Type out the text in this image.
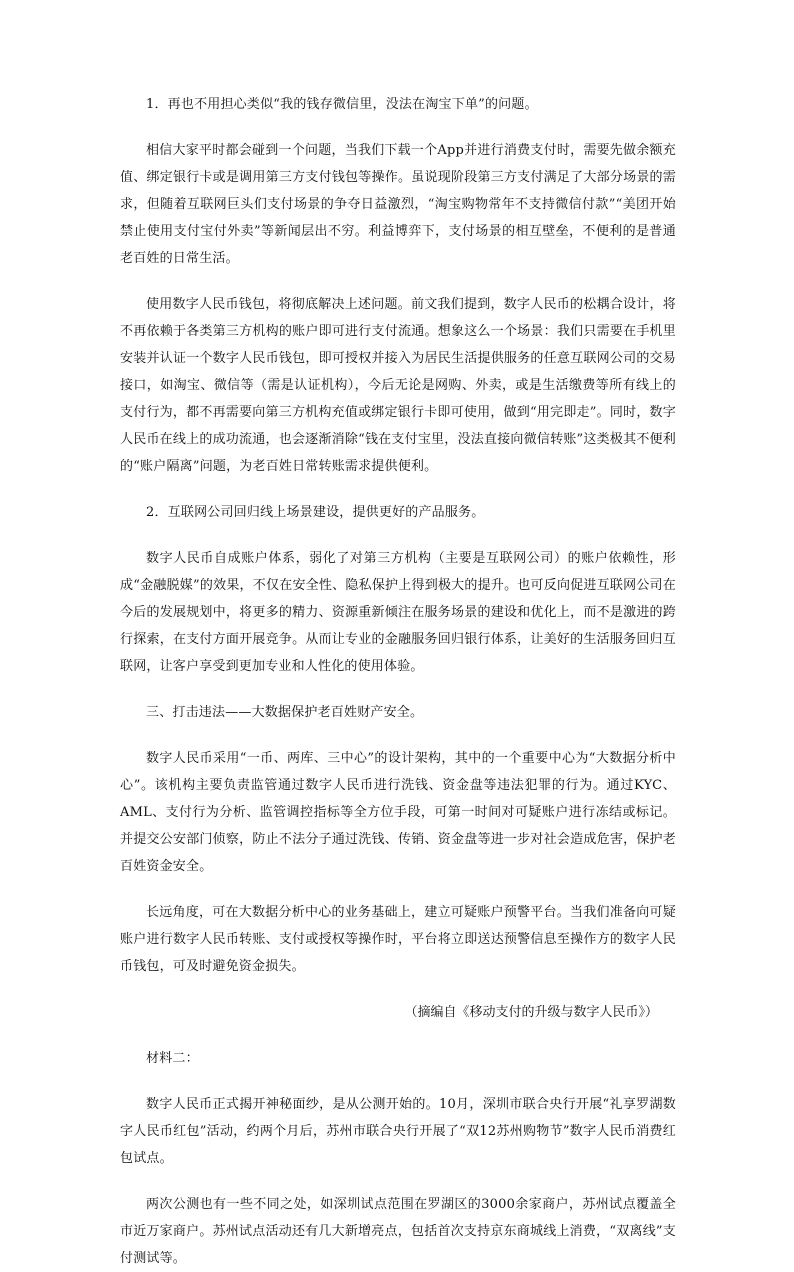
1．再也不用担心类似“我的钱存微信里，没法在淘宝下单”的问题。

相信大家平时都会碰到一个问题，当我们下载一个App并进行消费支付时，需要先做余额充值、绑定银行卡或是调用第三方支付钱包等操作。虽说现阶段第三方支付满足了大部分场景的需求，但随着互联网巨头们支付场景的争夺日益激烈，“淘宝购物常年不支持微信付款”“美团开始禁止使用支付宝付外卖”等新闻层出不穷。利益博弈下，支付场景的相互壁垒，不便利的是普通老百姓的日常生活。

使用数字人民币钱包，将彻底解决上述问题。前文我们提到，数字人民币的松耦合设计，将不再依赖于各类第三方机构的账户即可进行支付流通。想象这么一个场景：我们只需要在手机里安装并认证一个数字人民币钱包，即可授权并接入为居民生活提供服务的任意互联网公司的交易接口，如淘宝、微信等（需是认证机构），今后无论是网购、外卖，或是生活缴费等所有线上的支付行为，都不再需要向第三方机构充值或绑定银行卡即可使用，做到“用完即走”。同时，数字人民币在线上的成功流通，也会逐渐消除“钱在支付宝里，没法直接向微信转账”这类极其不便利的“账户隔离”问题，为老百姓日常转账需求提供便利。

2．互联网公司回归线上场景建设，提供更好的产品服务。

数字人民币自成账户体系，弱化了对第三方机构（主要是互联网公司）的账户依赖性，形成“金融脱媒”的效果，不仅在安全性、隐私保护上得到极大的提升。也可反向促进互联网公司在今后的发展规划中，将更多的精力、资源重新倾注在服务场景的建设和优化上，而不是激进的跨行探索，在支付方面开展竞争。从而让专业的金融服务回归银行体系，让美好的生活服务回归互联网，让客户享受到更加专业和人性化的使用体验。

三、打击违法——大数据保护老百姓财产安全。

数字人民币采用“一币、两库、三中心”的设计架构，其中的一个重要中心为“大数据分析中心”。该机构主要负责监管通过数字人民币进行洗钱、资金盘等违法犯罪的行为。通过KYC、AML、支付行为分析、监管调控指标等全方位手段，可第一时间对可疑账户进行冻结或标记。并提交公安部门侦察，防止不法分子通过洗钱、传销、资金盘等进一步对社会造成危害，保护老百姓资金安全。

长远角度，可在大数据分析中心的业务基础上，建立可疑账户预警平台。当我们准备向可疑账户进行数字人民币转账、支付或授权等操作时，平台将立即送达预警信息至操作方的数字人民币钱包，可及时避免资金损失。

（摘编自《移动支付的升级与数字人民币》）

材料二：

数字人民币正式揭开神秘面纱，是从公测开始的。10月，深圳市联合央行开展“礼享罗湖数字人民币红包”活动，约两个月后，苏州市联合央行开展了“双12苏州购物节”数字人民币消费红包试点。

两次公测也有一些不同之处，如深圳试点范围在罗湖区的3000余家商户，苏州试点覆盖全市近万家商户。苏州试点活动还有几大新增亮点，包括首次支持京东商城线上消费，“双离线”支付测试等。
